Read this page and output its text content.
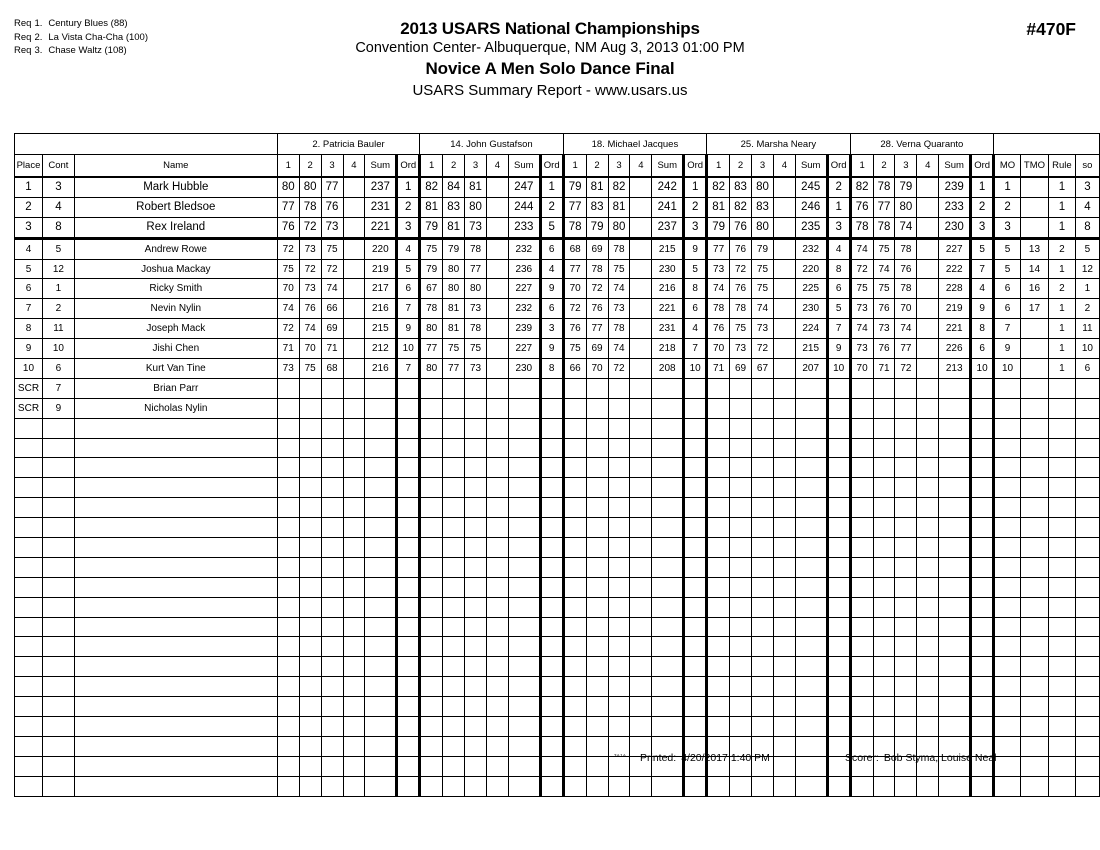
Req 1. Century Blues (88)
Req 2. La Vista Cha-Cha (100)
Req 3. Chase Waltz (108)
2013 USARS National Championships
Convention Center- Albuquerque, NM Aug 3, 2013 01:00 PM
Novice A Men Solo Dance Final
USARS Summary Report - www.usars.us
#470F
			2. Patricia Bauler						14. John Gustafson						18. Michael Jacques						25. Marsha Neary						28. Verna Quaranto									
Place	Cont	Name	1	2	3	4	Sum	Ord	1	2	3	4	Sum	Ord	1	2	3	4	Sum	Ord	1	2	3	4	Sum	Ord	1	2	3	4	Sum	Ord	MO	TMO	Rule	so
1	3	Mark Hubble	80	80	77		237	1	82	84	81		247	1	79	81	82		242	1	82	83	80		245	2	82	78	79		239	1	1		1	3
2	4	Robert Bledsoe	77	78	76		231	2	81	83	80		244	2	77	83	81		241	2	81	82	83		246	1	76	77	80		233	2	2		1	4
3	8	Rex Ireland	76	72	73		221	3	79	81	73		233	5	78	79	80		237	3	79	76	80		235	3	78	78	74		230	3	3		1	8
4	5	Andrew Rowe	72	73	75		220	4	75	79	78		232	6	68	69	78		215	9	77	76	79		232	4	74	75	78		227	5	5	13	2	5
5	12	Joshua Mackay	75	72	72		219	5	79	80	77		236	4	77	78	75		230	5	73	72	75		220	8	72	74	76		222	7	5	14	1	12
6	1	Ricky Smith	70	73	74		217	6	67	80	80		227	9	70	72	74		216	8	74	76	75		225	6	75	75	78		228	4	6	16	2	1
7	2	Nevin Nylin	74	76	66		216	7	78	81	73		232	6	72	76	73		221	6	78	78	74		230	5	73	76	70		219	9	6	17	1	2
8	11	Joseph Mack	72	74	69		215	9	80	81	78		239	3	76	77	78		231	4	76	75	73		224	7	74	73	74		221	8	7		1	11
9	10	Jishi Chen	71	70	71		212	10	77	75	75		227	9	75	69	74		218	7	70	73	72		215	9	73	76	77		226	6	9		1	10
10	6	Kurt Van Tine	73	75	68		216	7	80	77	73		230	8	66	70	72		208	10	71	69	67		207	10	70	71	72		213	10	10		1	6
SCR	7	Brian Parr																																		
SCR	9	Nicholas Nylin																																		

3A1A Printed: 4/20/2017 1:40 PM	Scorer: Bob Styma, Louise Neal
